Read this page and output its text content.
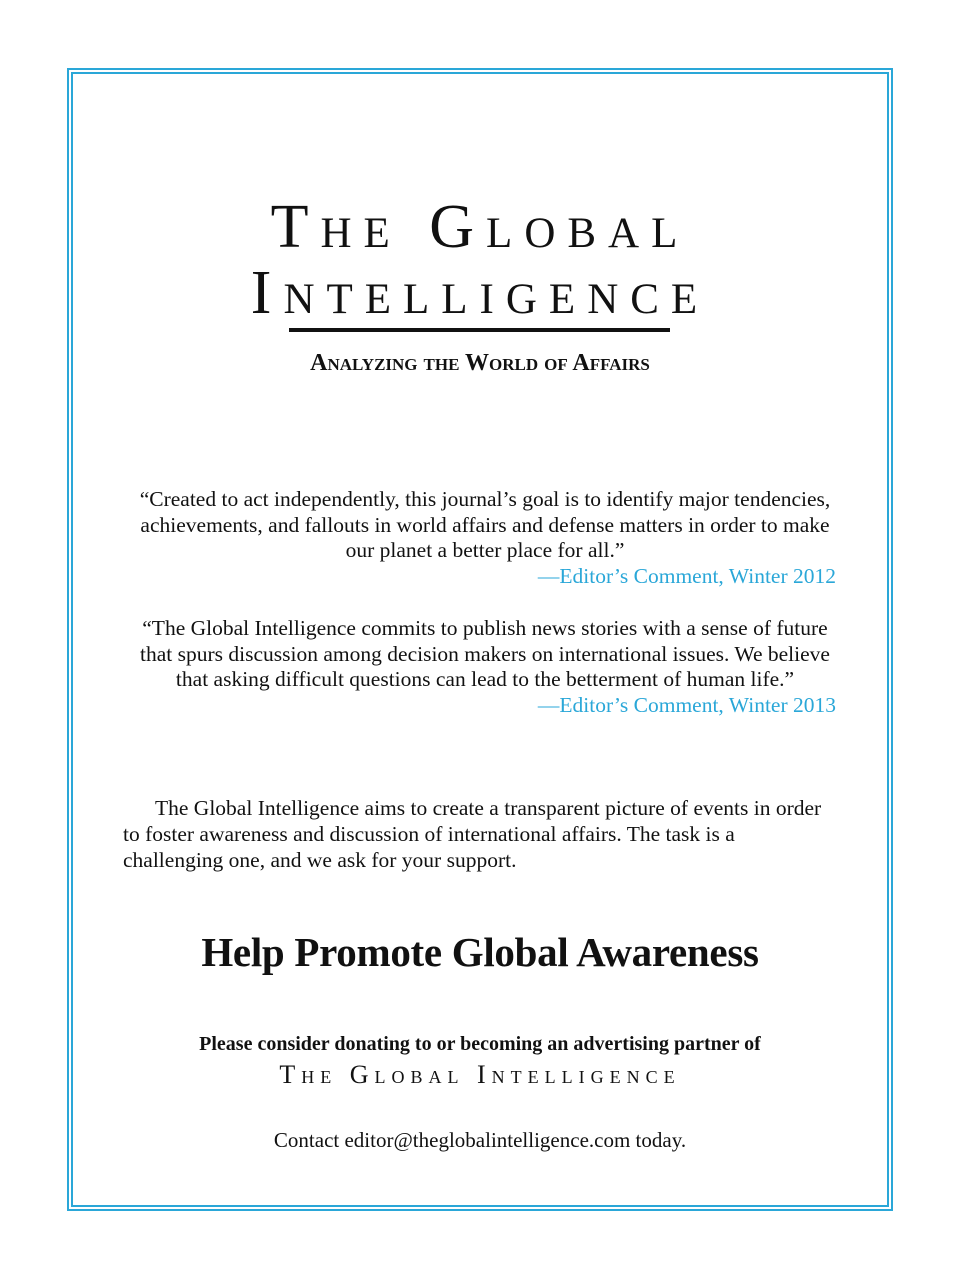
The Global
Intelligence

Analyzing the World of Affairs

“Created to act independently, this journal’s goal is to identify major tendencies, achievements, and fallouts in world affairs and defense matters in order to make our planet a better place for all.”
—Editor’s Comment, Winter 2012
“The Global Intelligence commits to publish news stories with a sense of future that spurs discussion among decision makers on international issues. We believe that asking difficult questions can lead to the betterment of human life.”
—Editor’s Comment, Winter 2013

The Global Intelligence aims to create a transparent picture of events in order to foster awareness and discussion of international affairs. The task is a challenging one, and we ask for your support.

Help Promote Global Awareness

Please consider donating to or becoming an advertising partner of

The Global Intelligence

Contact editor@theglobalintelligence.com today.
